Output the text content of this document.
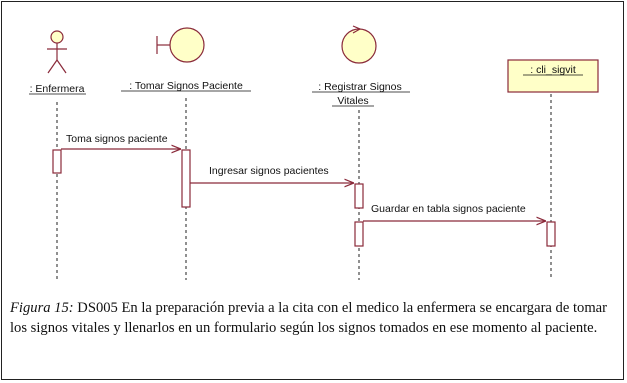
: Enfermera	: Tomar Signos Paciente	: Registrar Signos
Vitales
: cli_sigvit
Toma signos paciente
Ingresar signos pacientes
Guardar en tabla signos paciente

Figura 15: DS005 En la preparación previa a la cita con el medico la enfermera se encargara de tomar los signos vitales y llenarlos en un formulario según los signos tomados en ese momento al paciente.
